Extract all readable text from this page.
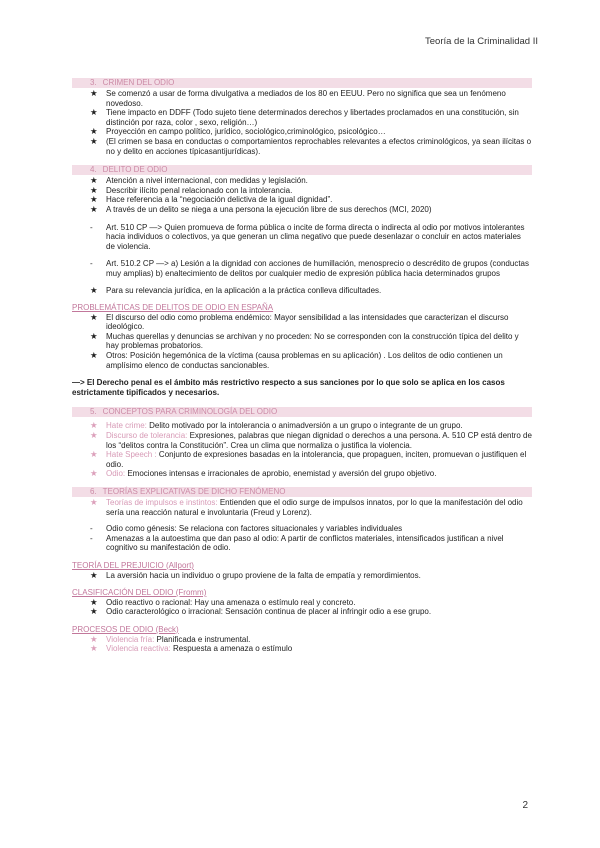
Teoría de la Criminalidad II
3. CRIMEN DEL ODIO
★ Se comenzó a usar de forma divulgativa a mediados de los 80 en EEUU. Pero no significa que sea un fenómeno novedoso.
★ Tiene impacto en DDFF (Todo sujeto tiene determinados derechos y libertades proclamados en una constitución, sin distinción por raza, color , sexo, religión…)
★ Proyección en campo político, jurídico, sociológico,criminológico, psicológico…
★ (El crimen se basa en conductas o comportamientos reprochables relevantes a efectos criminológicos, ya sean ilícitas o no y delito en acciones típicasantijurídicas).
4. DELITO DE ODIO
★ Atención a nivel internacional, con medidas y legislación.
★ Describir ilícito penal relacionado con la intolerancia.
★ Hace referencia a la “negociación delictiva de la igual dignidad”.
★ A través de un delito se niega a una persona la ejecución libre de sus derechos (MCI, 2020)
- Art. 510 CP —> Quien promueva de forma pública o incite de forma directa o indirecta al odio por motivos intolerantes hacia individuos o colectivos, ya que generan un clima negativo que puede desenlazar o concluir en actos materiales de violencia.
- Art. 510.2 CP —> a) Lesión a la dignidad con acciones de humillación, menosprecio o descrédito de grupos (conductas muy amplias) b) enaltecimiento de delitos por cualquier medio de expresión pública hacia determinados grupos
★ Para su relevancia jurídica, en la aplicación a la práctica conlleva dificultades.
PROBLEMÁTICAS DE DELITOS DE ODIO EN ESPAÑA
★ El discurso del odio como problema endémico: Mayor sensibilidad a las intensidades que caracterizan el discurso ideológico.
★ Muchas querellas y denuncias se archivan y no proceden: No se corresponden con la construcción típica del delito y hay problemas probatorios.
★ Otros: Posición hegemónica de la víctima (causa problemas en su aplicación) . Los delitos de odio contienen un amplísimo elenco de conductas sancionables.
—> El Derecho penal es el ámbito más restrictivo respecto a sus sanciones por lo que solo se aplica en los casos estrictamente tipificados y necesarios.
5. CONCEPTOS PARA CRIMINOLOGÍA DEL ODIO
★ Hate crime: Delito motivado por la intolerancia o animadversión a un grupo o integrante de un grupo.
★ Discurso de tolerancia: Expresiones, palabras que niegan dignidad o derechos a una persona. A. 510 CP está dentro de los “delitos contra la Constitución”. Crea un clima que normaliza o justifica la violencia.
★ Hate Speech : Conjunto de expresiones basadas en la intolerancia, que propaguen, inciten, promuevan o justifiquen el odio.
★ Odio: Emociones intensas e irracionales de aprobio, enemistad y aversión del grupo objetivo.
6. TEORÍAS EXPLICATIVAS DE DICHO FENÓMENO
★ Teorías de impulsos e instintos: Entienden que el odio surge de impulsos innatos, por lo que la manifestación del odio sería una reacción natural e involuntaria (Freud y Lorenz).
- Odio como génesis: Se relaciona con factores situacionales y variables individuales
- Amenazas a la autoestima que dan paso al odio: A partir de conflictos materiales, intensificados justifican a nivel cognitivo su manifestación de odio.
TEORÍA DEL PREJUICIO (Allport)
★ La aversión hacia un individuo o grupo proviene de la falta de empatía y remordimientos.
CLASIFICACIÓN DEL ODIO (Fromm)
★ Odio reactivo o racional: Hay una amenaza o estímulo real y concreto.
★ Odio caracterológico o irracional: Sensación continua de placer al infringir odio a ese grupo.
PROCESOS DE ODIO (Beck)
★ Violencia fría: Planificada e instrumental.
★ Violencia reactiva: Respuesta a amenaza o estímulo
2
